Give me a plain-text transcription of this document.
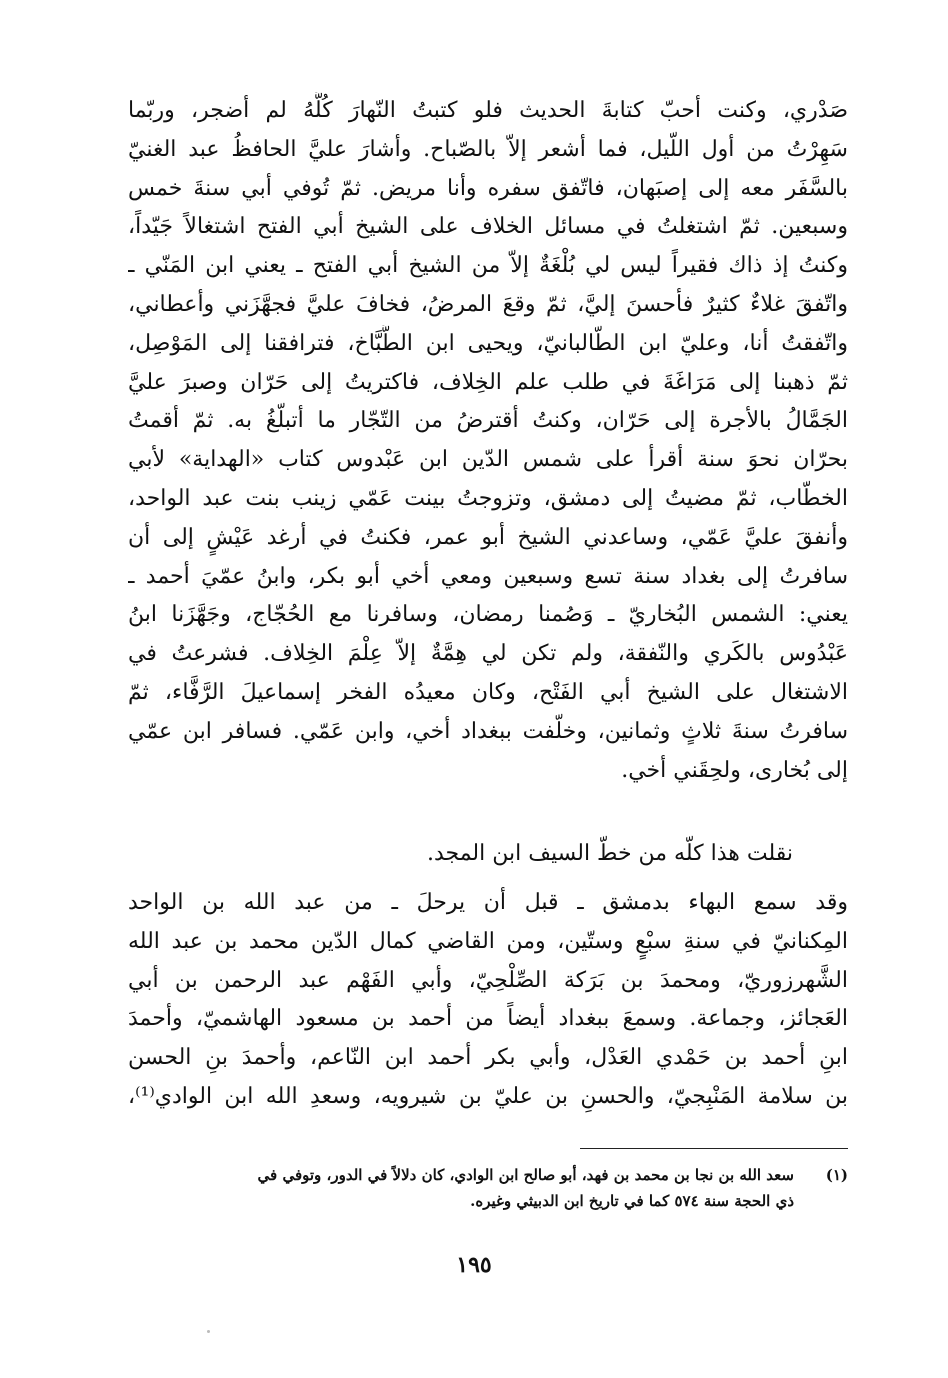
صَدْري، وكنت أحبّ كتابةَ الحديث فلو كتبتُ النّهارَ كُلَّهُ لم أضجر، وربّما
سَهِرْتُ من أول اللّيل، فما أشعر إلاّ بالصّباح. وأشارَ عليَّ الحافظُ عبد الغنيّ
بالسَّفَر معه إلى إصبَهان، فاتّفق سفره وأنا مريض. ثمّ تُوفي أبي سنةَ خمس
وسبعين. ثمّ اشتغلتُ في مسائل الخلاف على الشيخ أبي الفتح اشتغالاً جَيّداً،
وكنتُ إذ ذاك فقيراً ليس لي بُلْغَةٌ إلاّ من الشيخ أبي الفتح ـ يعني ابن المَنّي ـ
واتّفقَ غلاءٌ كثيرٌ فأحسنَ إليَّ، ثمّ وقعَ المرضُ، فخافَ عليَّ فجهَّزَني وأعطاني،
واتّفقتُ أنا، وعليّ ابن الطّالبانيّ، ويحيى ابن الطَّبَّاخ، فترافقنا إلى المَوْصِل،
ثمّ ذهبنا إلى مَرَاغَةَ في طلب علم الخِلاف، فاكتريتُ إلى حَرّان وصبرَ عليَّ
الجَمَّالُ بالأجرة إلى حَرّان، وكنتُ أقترضُ من التّجّار ما أتبلّغُ به. ثمّ أقمتُ
بحرّان نحوَ سنة أقرأ على شمس الدّين ابن عَبْدوس كتاب «الهداية» لأبي
الخطّاب، ثمّ مضيتُ إلى دمشق، وتزوجتُ بينت عَمّي زينب بنت عبد الواحد،
وأنفقَ عليَّ عَمّي، وساعدني الشيخ أبو عمر، فكنتُ في أرغد عَيْشٍ إلى أن
سافرتُ إلى بغداد سنة تسع وسبعين ومعي أخي أبو بكر، وابنُ عمّيَ أحمد ـ
يعني: الشمس البُخاريّ ـ وَصُمنا رمضان، وسافرنا مع الحُجّاج، وجَهَّزَنا ابنُ
عَبْدُوس بالكَري والنّفقة، ولم تكن لي هِمَّةٌ إلاّ عِلْمَ الخِلاف. فشرعتُ في
الاشتغال على الشيخ أبي الفَتْح، وكان معيدُه الفخر إسماعيلَ الرَّفَّاء، ثمّ
سافرتُ سنةَ ثلاثٍ وثمانين، وخلّفت ببغداد أخي، وابن عَمّي. فسافر ابن عمّي
إلى بُخارى، ولحِقَني أخي.
نقلت هذا كلّه من خطّ السيف ابن المجد.
وقد سمع البهاء بدمشق ـ قبل أن يرحلَ ـ من عبد الله بن الواحد
المِكنانيّ في سنةِ سبْعٍ وستّين، ومن القاضي كمال الدّين محمد بن عبد الله
الشَّهرزوريّ، ومحمدَ بن بَرَكة الصِّلْحِيّ، وأبي الفَهْم عبد الرحمن بن أبي
العَجائز، وجماعة. وسمعَ ببغداد أيضاً من أحمد بن مسعود الهاشميّ، وأحمدَ
ابنِ أحمد بن حَمْدي العَدْل، وأبي بكر أحمد ابن النّاعم، وأحمدَ بنِ الحسن
بن سلامة المَنْبِجيّ، والحسنِ بن عليّ بن شيرويه، وسعدِ الله ابن الوادي⁽¹⁾،
(١)سعد الله بن نجا بن محمد بن فهد، أبو صالح ابن الوادي، كان دلالاً في الدور، وتوفي في
ذي الحجة سنة ٥٧٤ كما في تاريخ ابن الدبيثي وغيره.
١٩٥
